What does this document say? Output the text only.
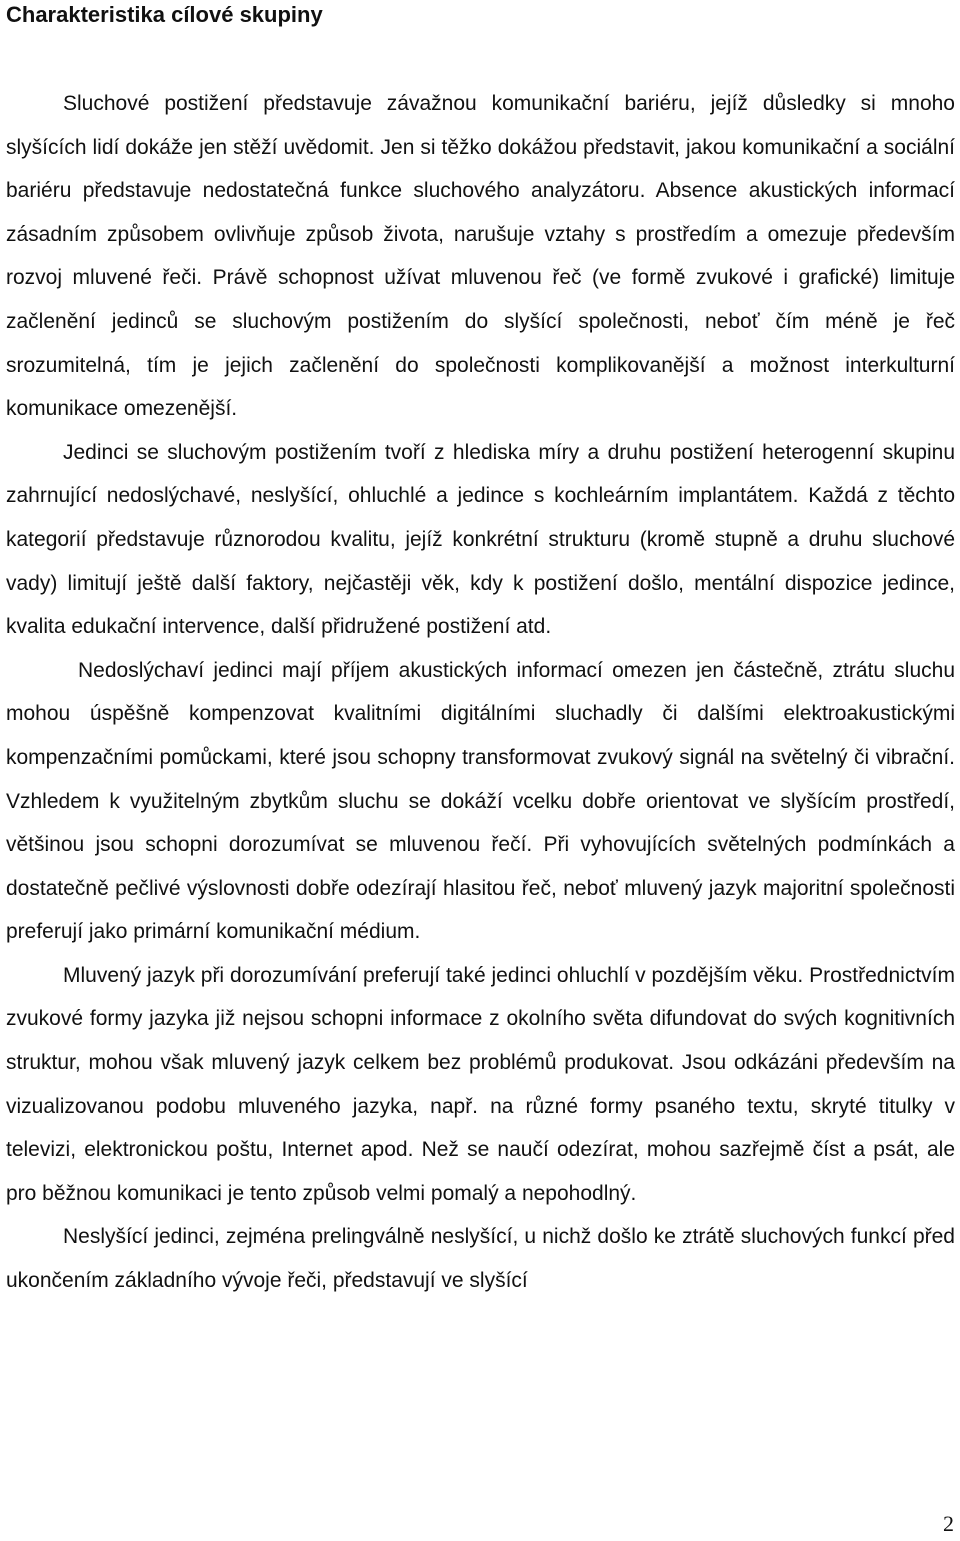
Charakteristika cílové skupiny

Sluchové postižení představuje závažnou komunikační bariéru, jejíž důsledky si mnoho slyšících lidí dokáže jen stěží uvědomit. Jen si těžko dokážou představit, jakou komunikační a sociální bariéru představuje nedostatečná funkce sluchového analyzátoru. Absence akustických informací zásadním způsobem ovlivňuje způsob života, narušuje vztahy s prostředím a omezuje především rozvoj mluvené řeči. Právě schopnost užívat mluvenou řeč (ve formě zvukové i grafické) limituje začlenění jedinců se sluchovým postižením do slyšící společnosti, neboť čím méně je řeč srozumitelná, tím je jejich začlenění do společnosti komplikovanější a možnost interkulturní komunikace omezenější.

Jedinci se sluchovým postižením tvoří z hlediska míry a druhu postižení heterogenní skupinu zahrnující nedoslýchavé, neslyšící, ohluchlé a jedince s kochleárním implantátem. Každá z těchto kategorií představuje různorodou kvalitu, jejíž konkrétní strukturu (kromě stupně a druhu sluchové vady) limitují ještě další faktory, nejčastěji věk, kdy k postižení došlo, mentální dispozice jedince, kvalita edukační intervence, další přidružené postižení atd.

Nedoslýchaví jedinci mají příjem akustických informací omezen jen částečně, ztrátu sluchu mohou úspěšně kompenzovat kvalitními digitálními sluchadly či dalšími elektroakustickými kompenzačními pomůckami, které jsou schopny transformovat zvukový signál na světelný či vibrační. Vzhledem k využitelným zbytkům sluchu se dokáží vcelku dobře orientovat ve slyšícím prostředí, většinou jsou schopni dorozumívat se mluvenou řečí. Při vyhovujících světelných podmínkách a dostatečně pečlivé výslovnosti dobře odezírají hlasitou řeč, neboť mluvený jazyk majoritní společnosti preferují jako primární komunikační médium.

Mluvený jazyk při dorozumívání preferují také jedinci ohluchlí v pozdějším věku. Prostřednictvím zvukové formy jazyka již nejsou schopni informace z okolního světa difundovat do svých kognitivních struktur, mohou však mluvený jazyk celkem bez problémů produkovat. Jsou odkázáni především na vizualizovanou podobu mluveného jazyka, např. na různé formy psaného textu, skryté titulky v televizi, elektronickou poštu, Internet apod. Než se naučí odezírat, mohou sazřejmě číst a psát, ale pro běžnou komunikaci je tento způsob velmi pomalý a nepohodlný.

Neslyšící jedinci, zejména prelingválně neslyšící, u nichž došlo ke ztrátě sluchových funkcí před ukončením základního vývoje řeči, představují ve slyšící

2
